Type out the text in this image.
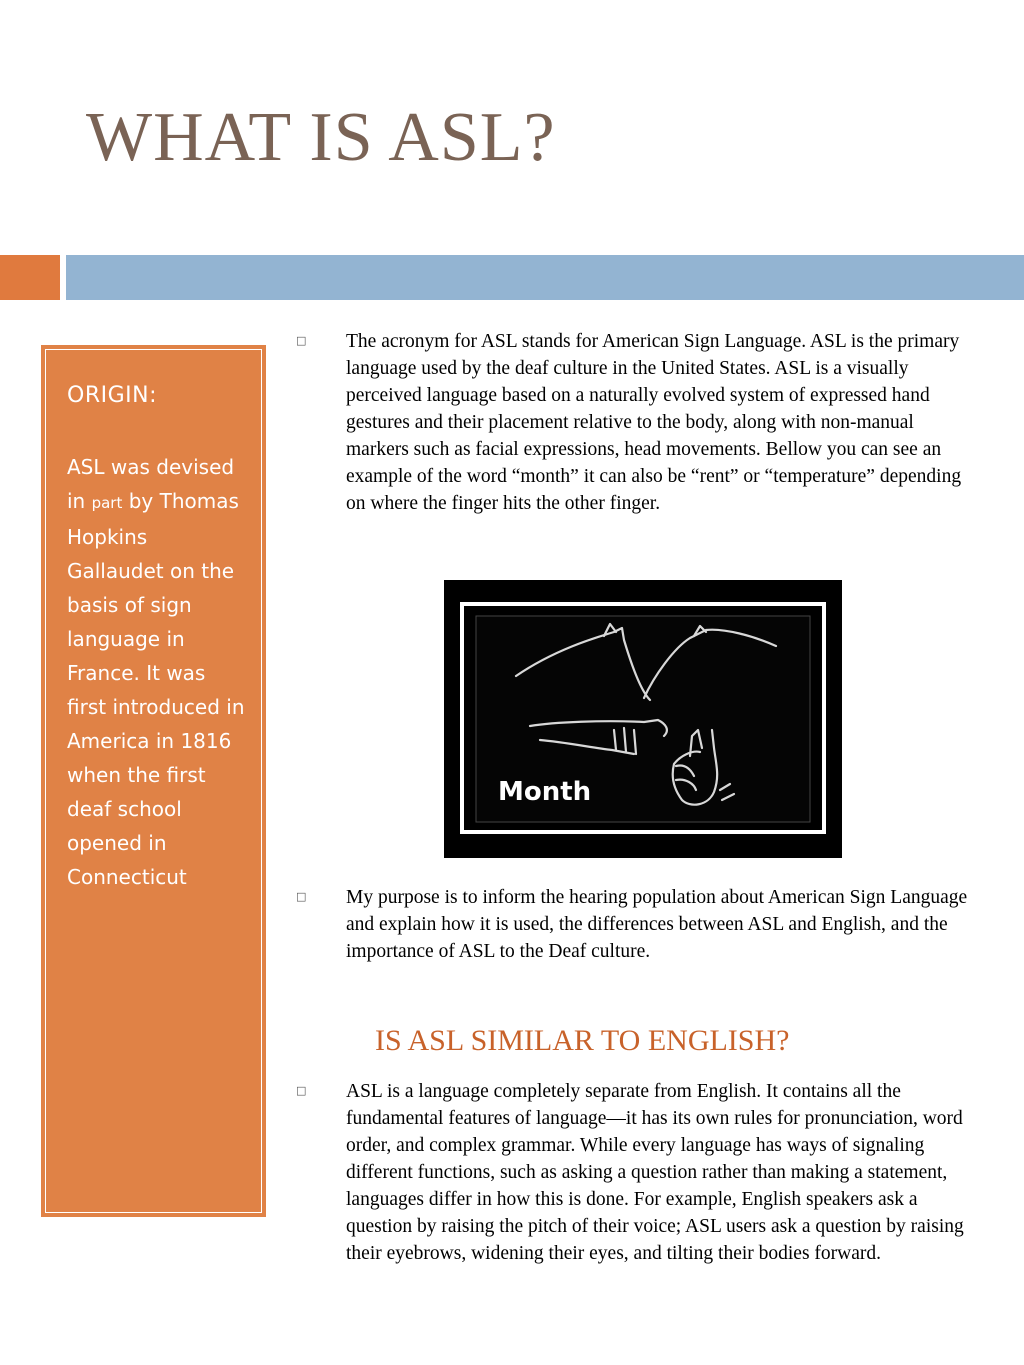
WHAT IS ASL?

ORIGIN:

ASL was devised in part by Thomas Hopkins Gallaudet on the basis of sign language in France. It was first introduced in America in 1816 when the first deaf school opened in Connecticut

□	The acronym for ASL stands for American Sign Language. ASL is the primary language used by the deaf culture in the United States. ASL is a visually perceived language based on a naturally evolved system of expressed hand gestures and their placement relative to the body, along with non-manual markers such as facial expressions, head movements. Bellow you can see an example of the word “month” it can also be “rent” or “temperature” depending on where the finger hits the other finger.

Month
□	My purpose is to inform the hearing population about American Sign Language and explain how it is used, the differences between ASL and English, and the importance of ASL to the Deaf culture.

IS ASL SIMILAR TO ENGLISH?
□	ASL is a language completely separate from English. It contains all the fundamental features of language—it has its own rules for pronunciation, word order, and complex grammar. While every language has ways of signaling different functions, such as asking a question rather than making a statement, languages differ in how this is done. For example, English speakers ask a question by raising the pitch of their voice; ASL users ask a question by raising their eyebrows, widening their eyes, and tilting their bodies forward.
